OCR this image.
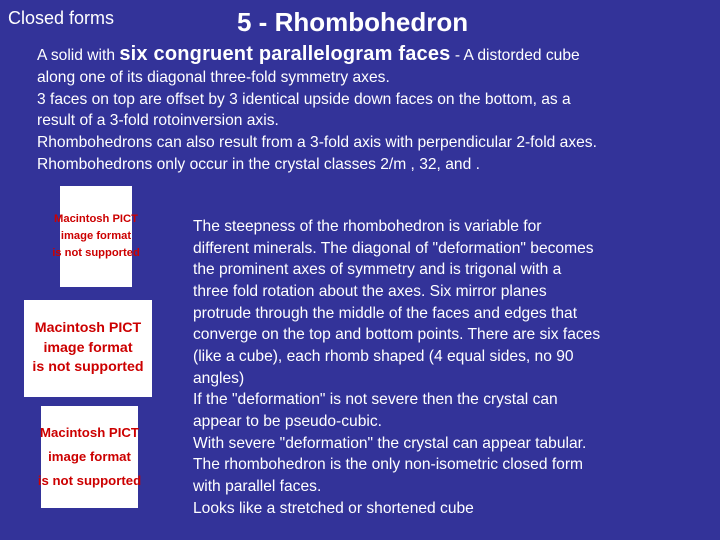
Closed forms	5 - Rhombohedron

A solid with six congruent parallelogram faces - A distorded cube

along one of its diagonal three-fold symmetry axes.

3 faces on top are offset by 3 identical upside down faces on the bottom, as a

result of a 3-fold rotoinversion axis.

Rhombohedrons can also result from a 3-fold axis with perpendicular 2-fold axes.

Rhombohedrons only occur in the crystal classes 2/m , 32, and .

Macintosh PICT
image format
is not supported
Macintosh PICT
image format
is not supported
Macintosh PICT
image format
is not supported

The steepness of the rhombohedron is variable for

different minerals. The diagonal of "deformation" becomes

the prominent axes of symmetry and is trigonal with a

three fold rotation about the axes. Six mirror planes

protrude through the middle of the faces and edges that

converge on the top and bottom points. There are six faces

(like a cube), each rhomb shaped (4 equal sides, no 90

angles)

If the "deformation" is not severe then the crystal can

appear to be pseudo-cubic.

With severe "deformation" the crystal can appear tabular.

The rhombohedron is the only non-isometric closed form

with parallel faces.

Looks like a stretched or shortened cube
